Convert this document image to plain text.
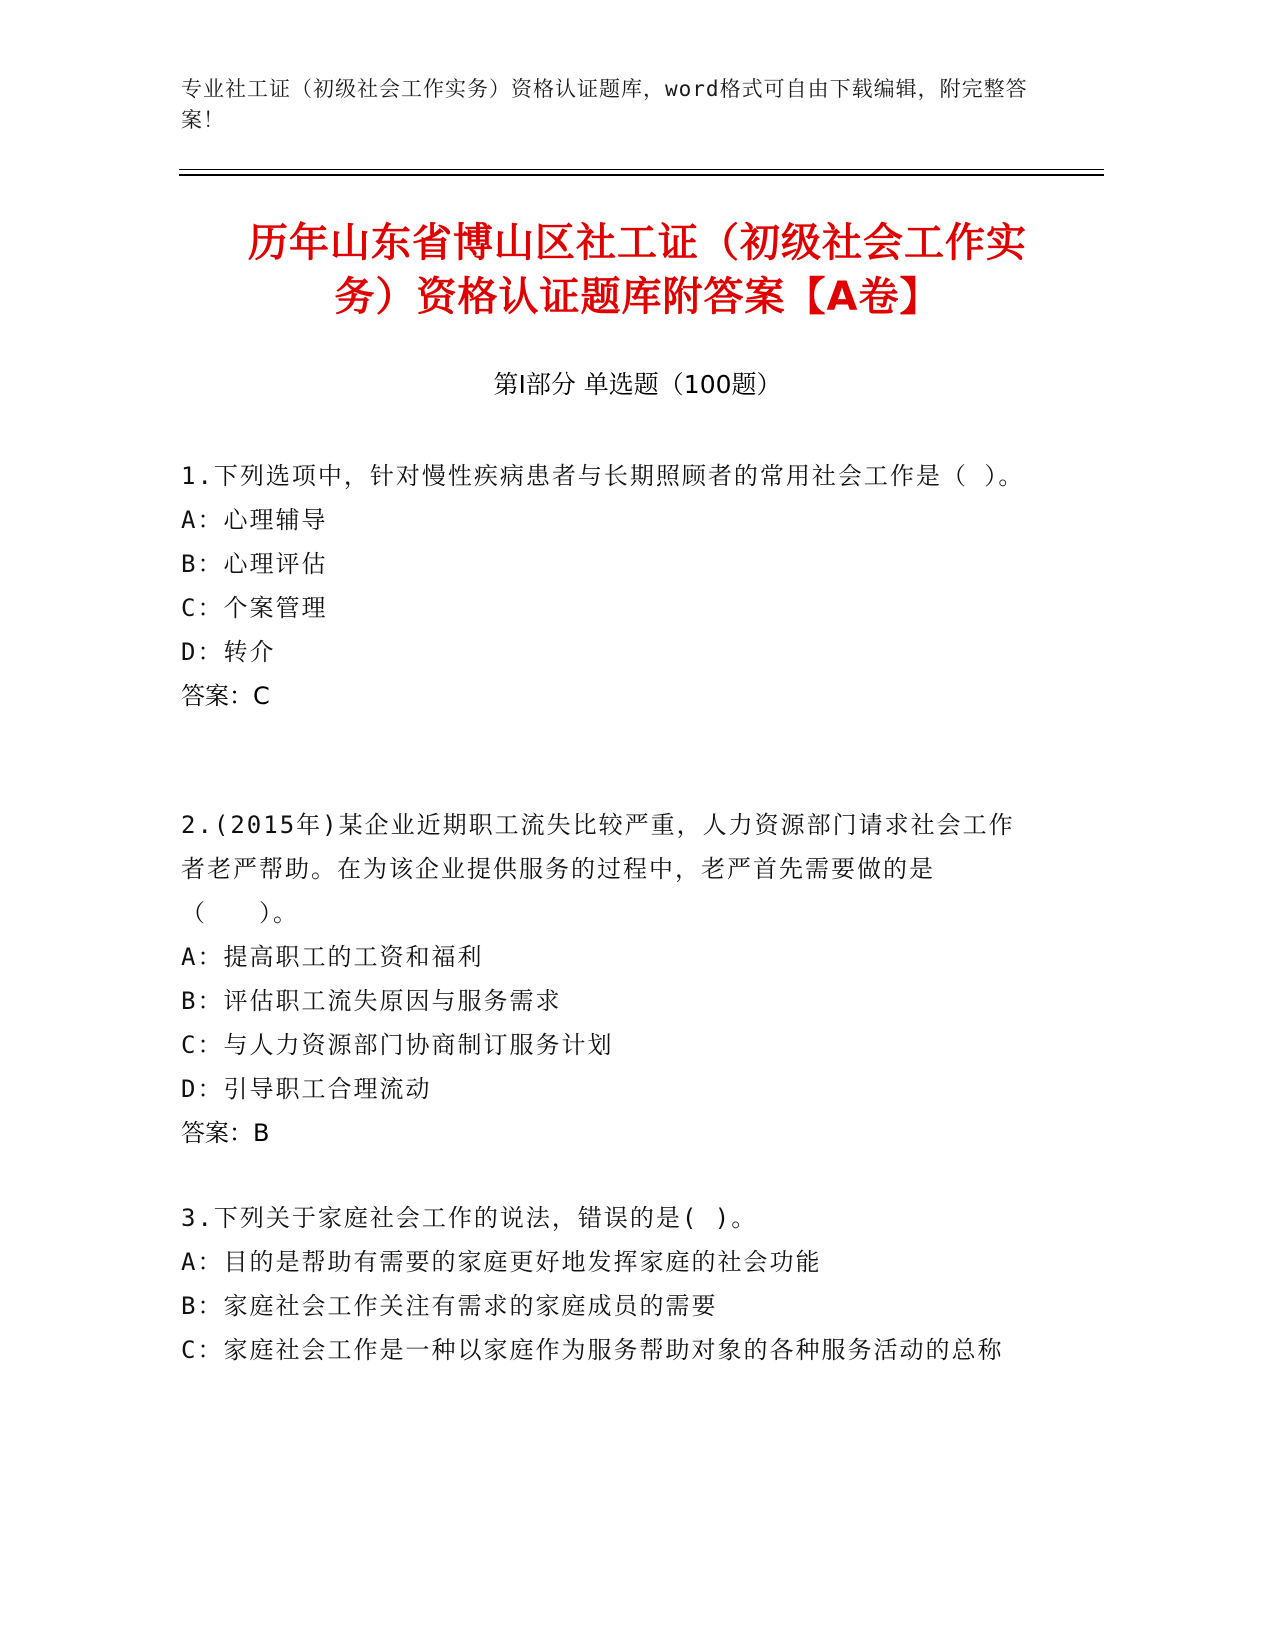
专业社工证（初级社会工作实务）资格认证题库，word格式可自由下载编辑，附完整答案！
历年山东省博山区社工证（初级社会工作实
务）资格认证题库附答案【A卷】
第Ⅰ部分 单选题（100题）
1.下列选项中，针对慢性疾病患者与长期照顾者的常用社会工作是（ ）。
A：心理辅导
B：心理评估
C：个案管理
D：转介
答案：C
2.(2015年)某企业近期职工流失比较严重，人力资源部门请求社会工作者老严帮助。在为该企业提供服务的过程中，老严首先需要做的是（　　）。
A：提高职工的工资和福利
B：评估职工流失原因与服务需求
C：与人力资源部门协商制订服务计划
D：引导职工合理流动
答案：B
3.下列关于家庭社会工作的说法，错误的是( )。
A：目的是帮助有需要的家庭更好地发挥家庭的社会功能
B：家庭社会工作关注有需求的家庭成员的需要
C：家庭社会工作是一种以家庭作为服务帮助对象的各种服务活动的总称
